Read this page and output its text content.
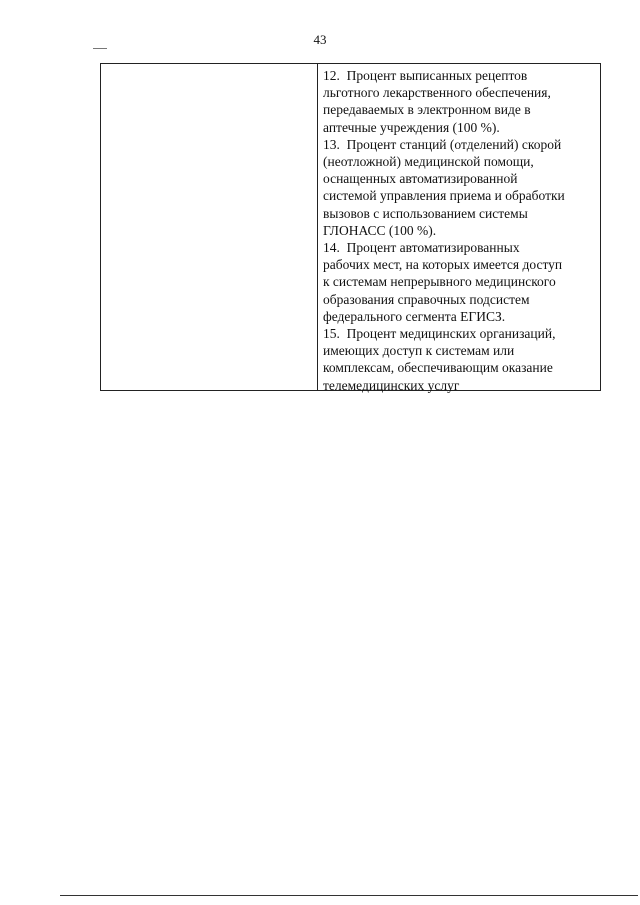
43

12. Процент выписанных рецептов
льготного лекарственного обеспечения,
передаваемых в электронном виде в
аптечные учреждения (100 %).

13. Процент станций (отделений) скорой
(неотложной) медицинской помощи,
оснащенных автоматизированной
системой управления приема и обработки
вызовов с использованием системы
ГЛОНАСС (100 %).

14. Процент автоматизированных
рабочих мест, на которых имеется доступ
к системам непрерывного медицинского
образования справочных подсистем
федерального сегмента ЕГИСЗ.

15. Процент медицинских организаций,
имеющих доступ к системам или
комплексам, обеспечивающим оказание
телемедицинских услуг
